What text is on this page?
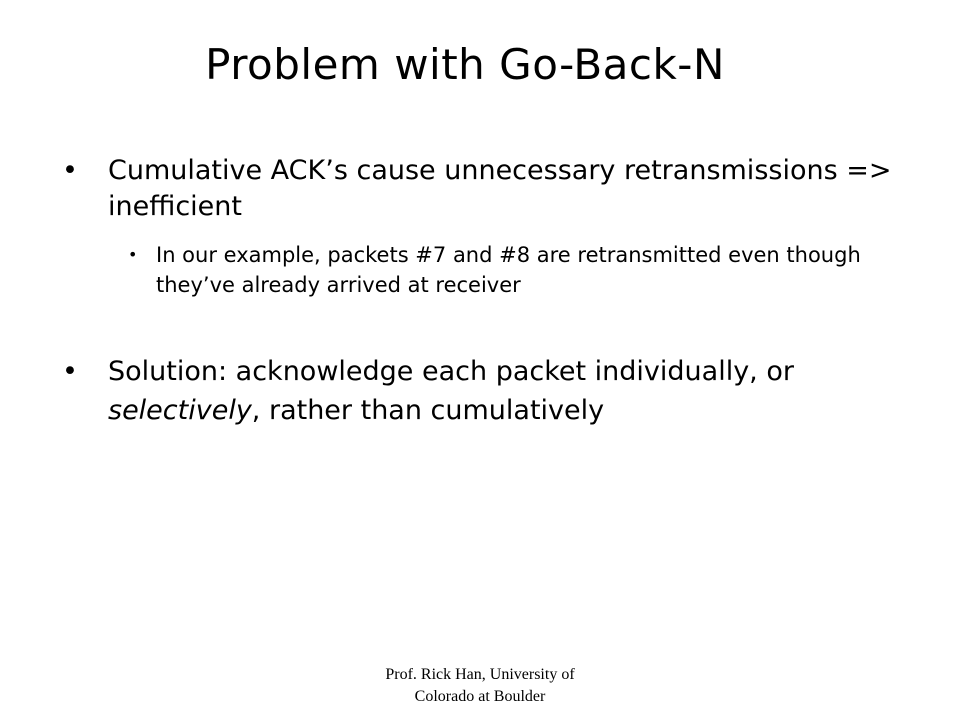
Problem with Go-Back-N
•	Cumulative ACK’s cause unnecessary retransmissions => inefficient
• In our example, packets #7 and #8 are retransmitted even though they’ve already arrived at receiver
•	Solution: acknowledge each packet individually, or selectively, rather than cumulatively
Prof. Rick Han, University of
Colorado at Boulder
